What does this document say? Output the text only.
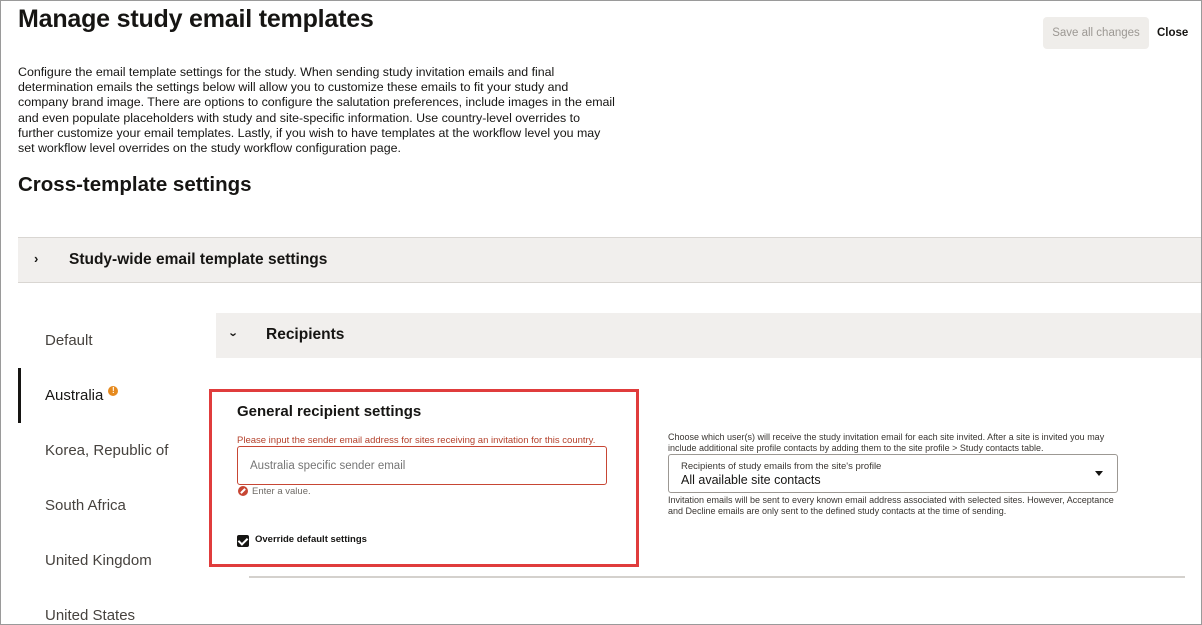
Manage study email templates	Save all changes	Close

Configure the email template settings for the study. When sending study invitation emails and final determination emails the settings below will allow you to customize these emails to fit your study and company brand image. There are options to configure the salutation preferences, include images in the email and even populate placeholders with study and site-specific information. Use country-level overrides to further customize your email templates. Lastly, if you wish to have templates at the workflow level you may set workflow level overrides on the study workflow configuration page.

Cross-template settings
› Study-wide email template settings
Default
Australia !
Korea, Republic of
South Africa
United Kingdom
United States
› Recipients
General recipient settings
Please input the sender email address for sites receiving an invitation for this country.
Australia specific sender email
Enter a value.
Override default settings
Choose which user(s) will receive the study invitation email for each site invited. After a site is invited you may include additional site profile contacts by adding them to the site profile > Study contacts table.
Recipients of study emails from the site's profile
All available site contacts
Invitation emails will be sent to every known email address associated with selected sites. However, Acceptance and Decline emails are only sent to the defined study contacts at the time of sending.
